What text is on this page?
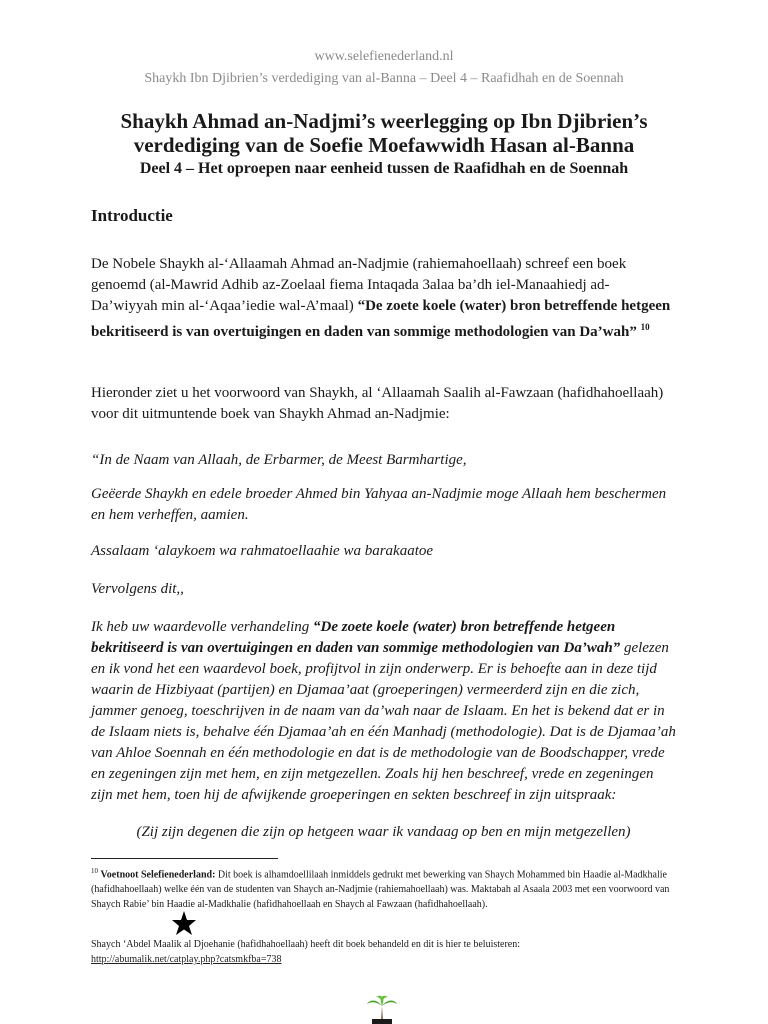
www.selefienederland.nl
Shaykh Ibn Djibrien’s verdediging van al-Banna – Deel 4 – Raafidhah en de Soennah
Shaykh Ahmad an-Nadjmi’s weerlegging op Ibn Djibrien’s
verdediging van de Soefie Moefawwidh Hasan al-Banna
Deel 4 – Het oproepen naar eenheid tussen de Raafidhah en de Soennah
Introductie
De Nobele Shaykh al-‘Allaamah Ahmad an-Nadjmie (rahiemahoellaah) schreef een boek genoemd (al-Mawrid Adhib az-Zoelaal fiema Intaqada 3alaa ba’dh iel-Manaahiedj ad-Da’wiyyah min al-‘Aqaa’iedie wal-A’maal) “De zoete koele (water) bron betreffende hetgeen bekritiseerd is van overtuigingen en daden van sommige methodologien van Da’wah” $^{10}$
Hieronder ziet u het voorwoord van Shaykh, al ‘Allaamah Saalih al-Fawzaan (hafidhahoellaah) voor dit uitmuntende boek van Shaykh Ahmad an-Nadjmie:
“In de Naam van Allaah, de Erbarmer, de Meest Barmhartige,
Geëerde Shaykh en edele broeder Ahmed bin Yahyaa an-Nadjmie moge Allaah hem beschermen en hem verheffen, aamien.
Assalaam ‘alaykoem wa rahmatoellaahie wa barakaatoe
Vervolgens dit,,
Ik heb uw waardevolle verhandeling “De zoete koele (water) bron betreffende hetgeen bekritiseerd is van overtuigingen en daden van sommige methodologien van Da’wah” gelezen en ik vond het een waardevol boek, profijtvol in zijn onderwerp. Er is behoefte aan in deze tijd waarin de Hizbiyaat (partijen) en Djamaa’aat (groeperingen) vermeerderd zijn en die zich, jammer genoeg, toeschrijven in de naam van da’wah naar de Islaam. En het is bekend dat er in de Islaam niets is, behalve één Djamaa’ah en één Manhadj (methodologie). Dat is de Djamaa’ah van Ahloe Soennah en één methodologie en dat is de methodologie van de Boodschapper, vrede en zegeningen zijn met hem, en zijn metgezellen. Zoals hij hen beschreef, vrede en zegeningen zijn met hem, toen hij de afwijkende groeperingen en sekten beschreef in zijn uitspraak:
(Zij zijn degenen die zijn op hetgeen waar ik vandaag op ben en mijn metgezellen)
$^{10}$ Voetnoot Selefienederland: Dit boek is alhamdoellilaah inmiddels gedrukt met bewerking van Shaych Mohammed bin Haadie al-Madkhalie (hafidhahoellaah) welke één van de studenten van Shaych an-Nadjmie (rahiemahoellaah) was. Maktabah al Asaala 2003 met een voorwoord van Shaych Rabie’ bin Haadie al-Madkhalie (hafidhahoellaah en Shaych al Fawzaan (hafidhahoellaah).
Shaych ‘Abdel Maalik al Djoehanie (hafidhahoellaah) heeft dit boek behandeld en dit is hier te beluisteren:
http://abumalik.net/catplay.php?catsmkfba=738
